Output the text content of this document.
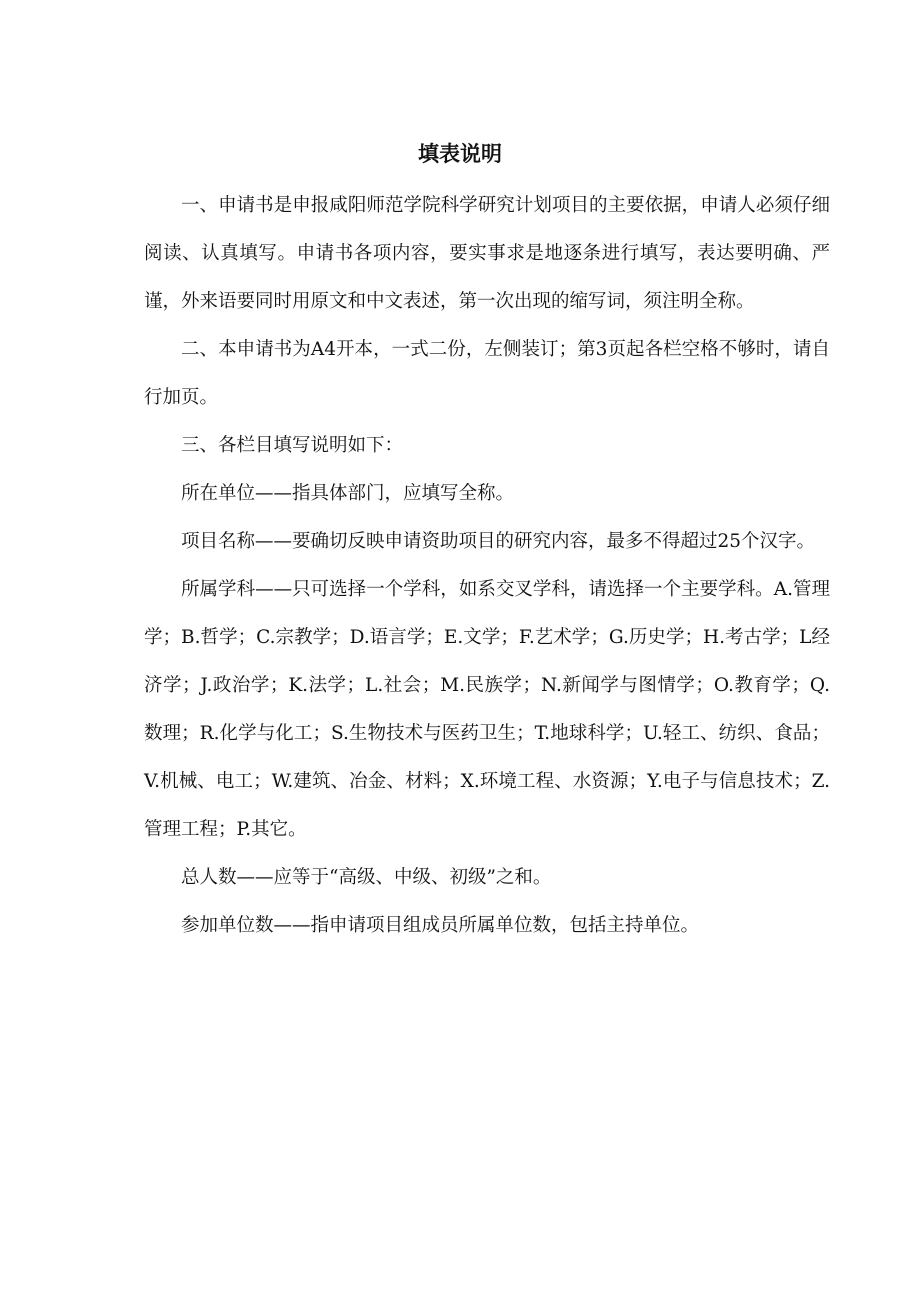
填表说明

一、申请书是申报咸阳师范学院科学研究计划项目的主要依据，申请人必须仔细阅读、认真填写。申请书各项内容，要实事求是地逐条进行填写，表达要明确、严谨，外来语要同时用原文和中文表述，第一次出现的缩写词，须注明全称。

二、本申请书为A4开本，一式二份，左侧装订；第3页起各栏空格不够时，请自行加页。

三、各栏目填写说明如下：

所在单位——指具体部门，应填写全称。

项目名称——要确切反映申请资助项目的研究内容，最多不得超过25个汉字。

所属学科——只可选择一个学科，如系交叉学科，请选择一个主要学科。A.管理学；B.哲学；C.宗教学；D.语言学；E.文学；F.艺术学；G.历史学；H.考古学；L经济学；J.政治学；K.法学；L.社会；M.民族学；N.新闻学与图情学；O.教育学；Q.数理；R.化学与化工；S.生物技术与医药卫生；T.地球科学；U.轻工、纺织、食品；V.机械、电工；W.建筑、冶金、材料；X.环境工程、水资源；Y.电子与信息技术；Z.管理工程；P.其它。

总人数——应等于“高级、中级、初级”之和。

参加单位数——指申请项目组成员所属单位数，包括主持单位。
